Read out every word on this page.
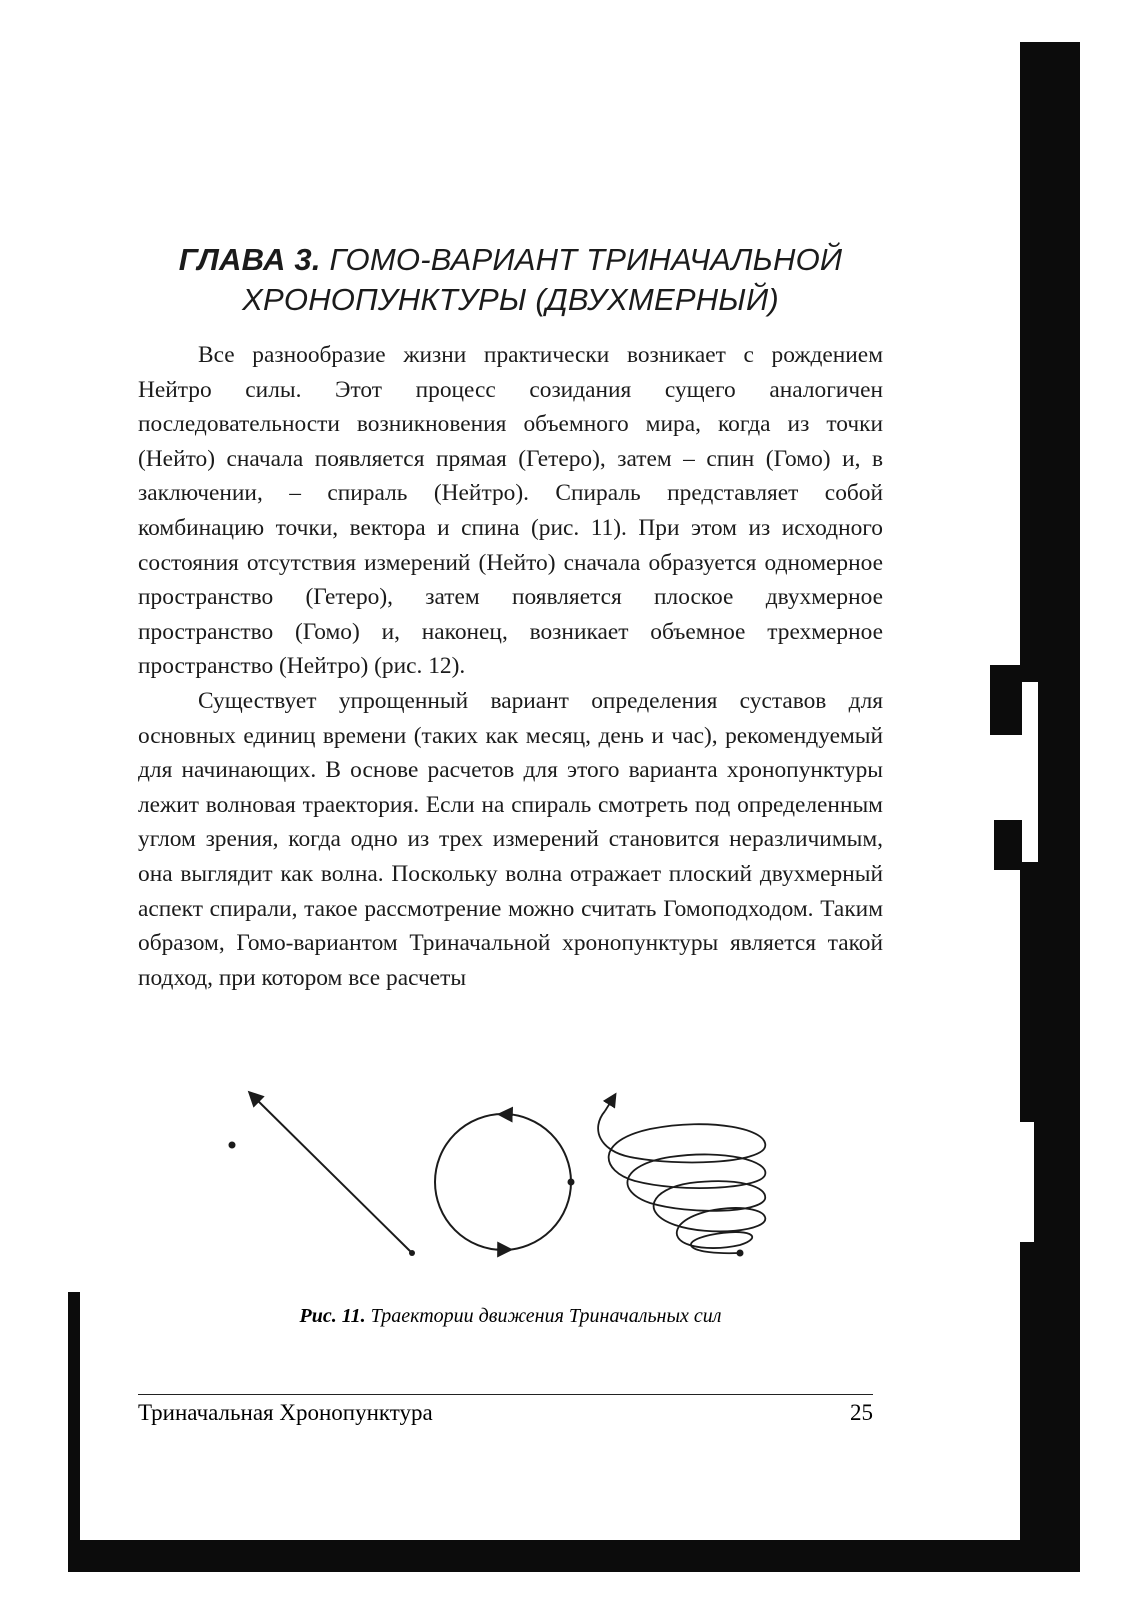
ГЛАВА 3. ГОМО-ВАРИАНТ ТРИНАЧАЛЬНОЙ
ХРОНОПУНКТУРЫ (ДВУХМЕРНЫЙ)

Все разнообразие жизни практически возникает с рождением Нейтро силы. Этот процесс созидания сущего аналогичен последовательности возникновения объемного мира, когда из точки (Нейто) сначала появляется прямая (Гетеро), затем – спин (Гомо) и, в заключении, – спираль (Нейтро). Спираль представляет собой комбинацию точки, вектора и спина (рис. 11). При этом из исходного состояния отсутствия измерений (Нейто) сначала образуется одномерное пространство (Гетеро), затем появляется плоское двухмерное пространство (Гомо) и, наконец, возникает объемное трехмерное пространство (Нейтро) (рис. 12).

Существует упрощенный вариант определения суставов для основных единиц времени (таких как месяц, день и час), рекомендуемый для начинающих. В основе расчетов для этого варианта хронопунктуры лежит волновая траектория. Если на спираль смотреть под определенным углом зрения, когда одно из трех измерений становится неразличимым, она выглядит как волна. Поскольку волна отражает плоский двухмерный аспект спирали, такое рассмотрение можно считать Гомоподходом. Таким образом, Гомо-вариантом Триначальной хронопунктуры является такой подход, при котором все расчеты

Рис. 11. Траектории движения Триначальных сил
Триначальная Хронопунктура	25
